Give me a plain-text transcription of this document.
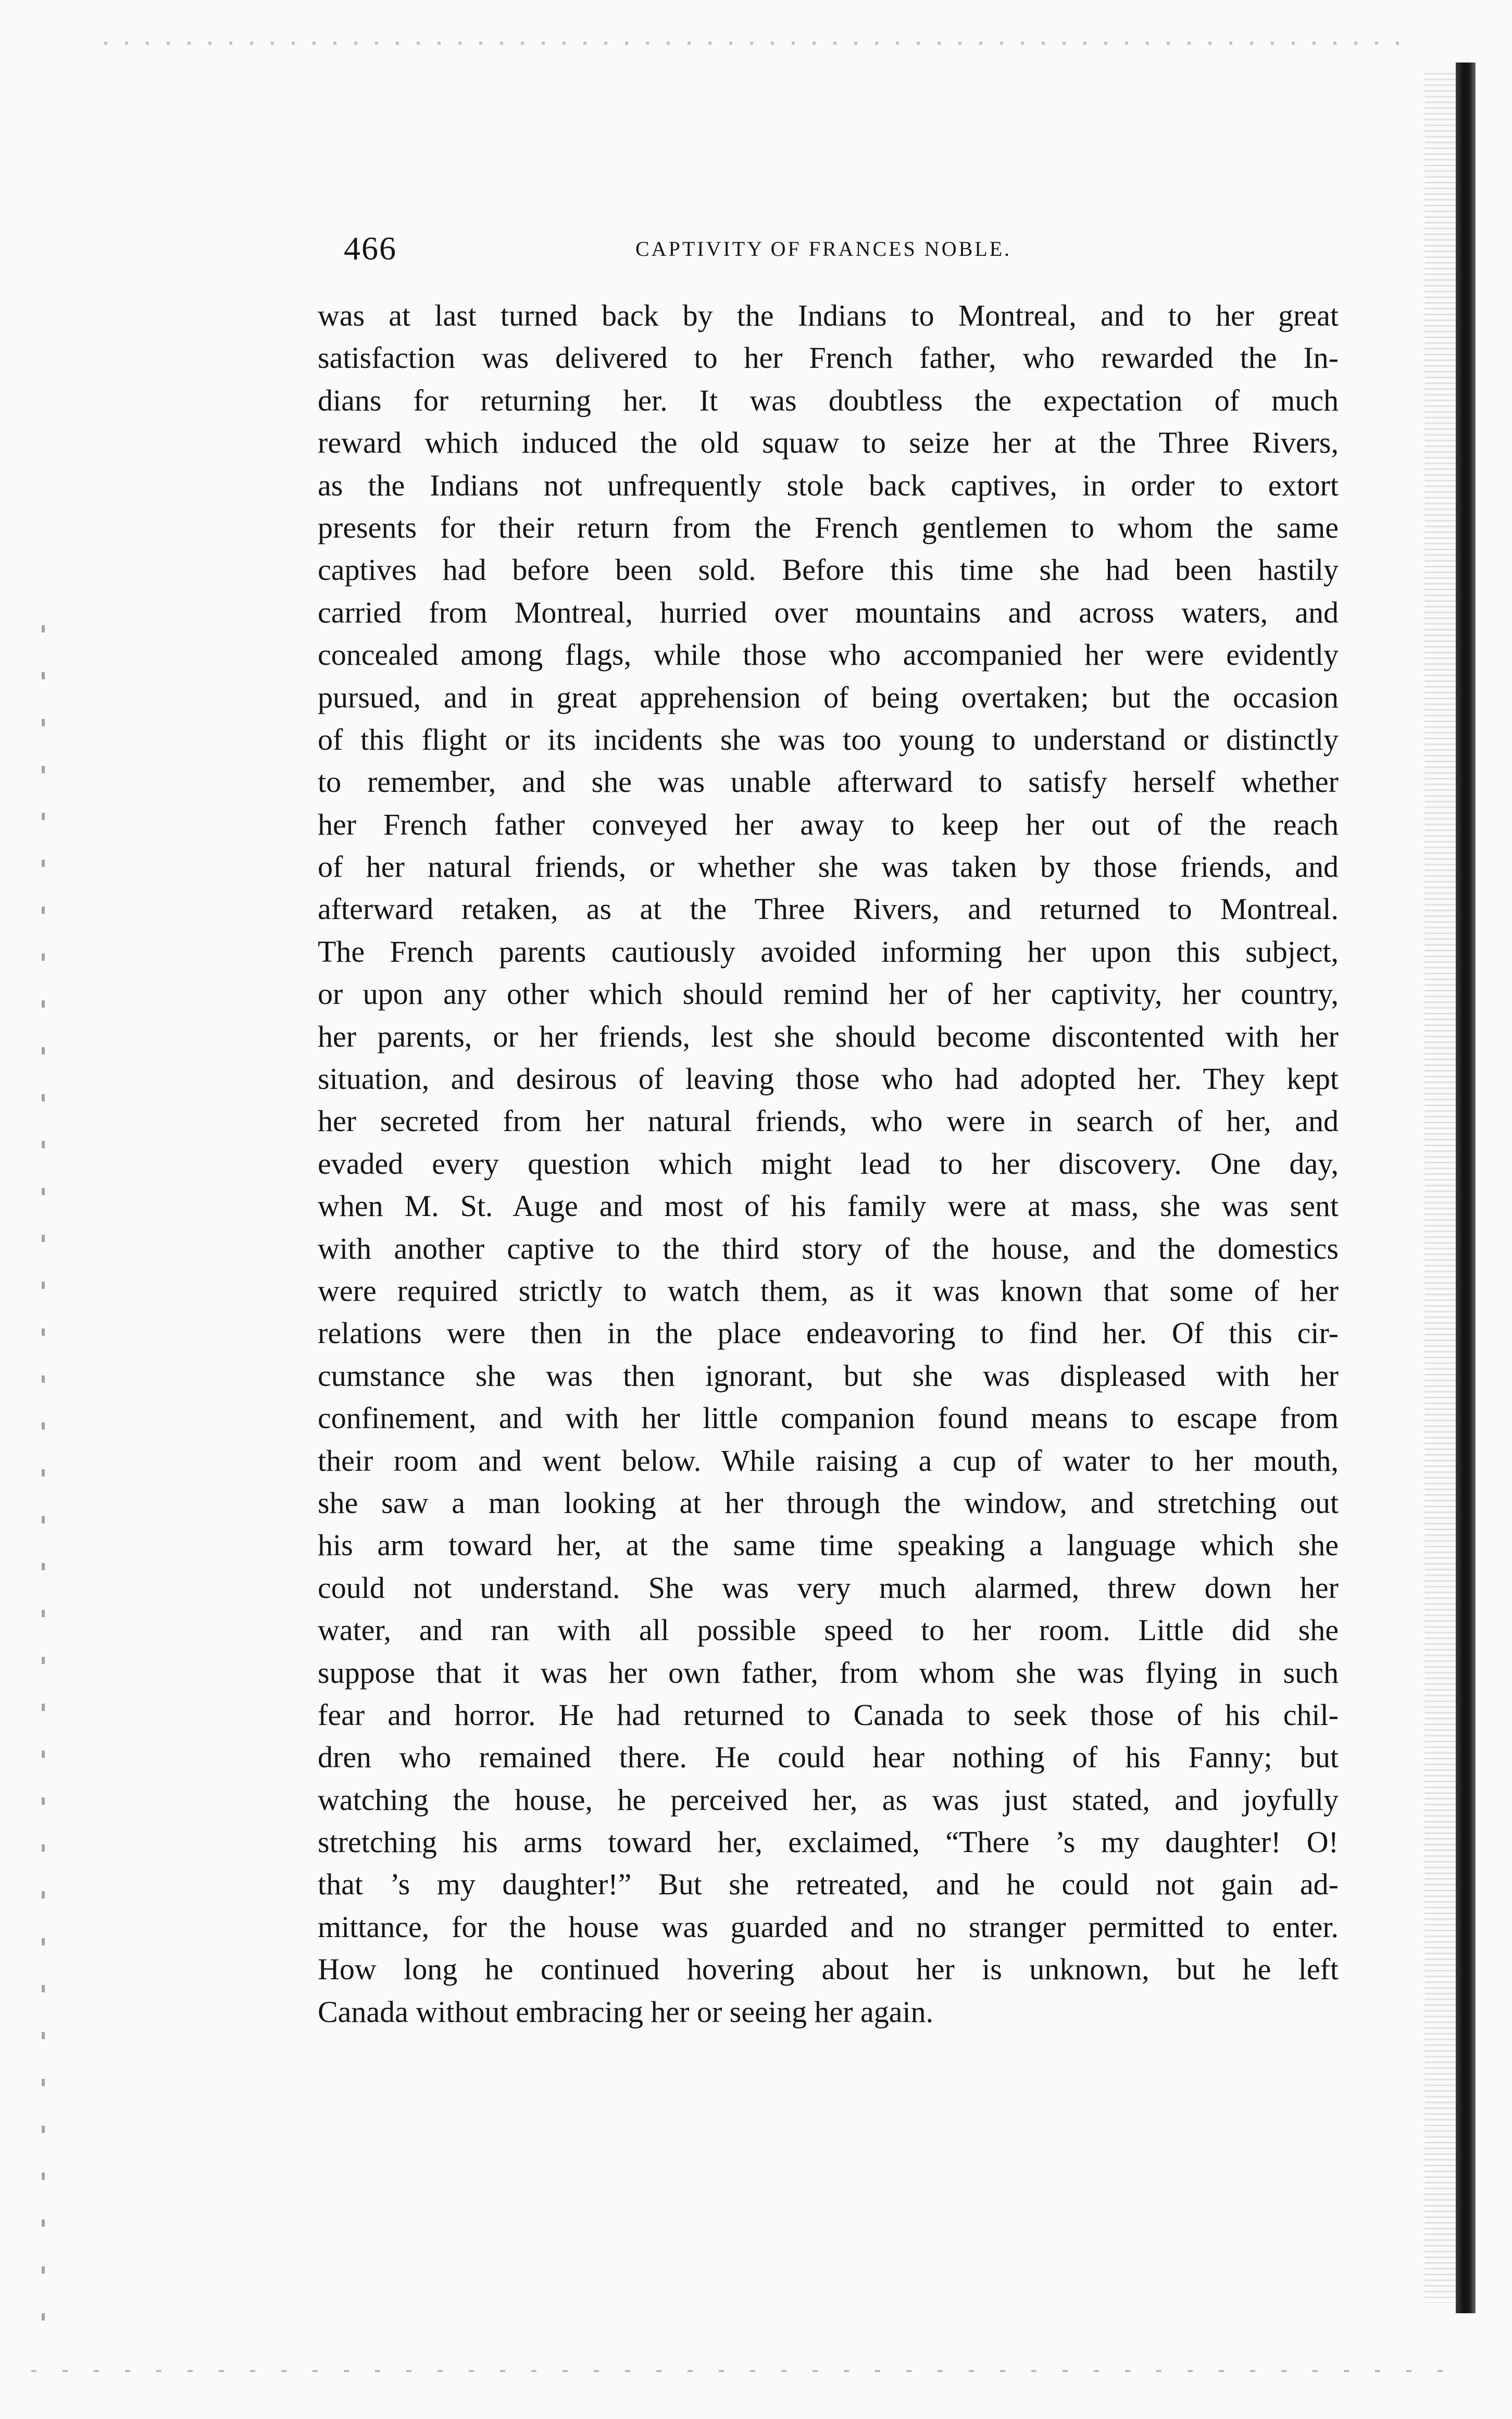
466	CAPTIVITY OF FRANCES NOBLE.
was at last turned back by the Indians to Montreal, and to her great
satisfaction was delivered to her French father, who rewarded the In-
dians for returning her. It was doubtless the expectation of much
reward which induced the old squaw to seize her at the Three Rivers,
as the Indians not unfrequently stole back captives, in order to extort
presents for their return from the French gentlemen to whom the same
captives had before been sold. Before this time she had been hastily
carried from Montreal, hurried over mountains and across waters, and
concealed among flags, while those who accompanied her were evidently
pursued, and in great apprehension of being overtaken; but the occasion
of this flight or its incidents she was too young to understand or distinctly
to remember, and she was unable afterward to satisfy herself whether
her French father conveyed her away to keep her out of the reach
of her natural friends, or whether she was taken by those friends, and
afterward retaken, as at the Three Rivers, and returned to Montreal.
The French parents cautiously avoided informing her upon this subject,
or upon any other which should remind her of her captivity, her country,
her parents, or her friends, lest she should become discontented with her
situation, and desirous of leaving those who had adopted her. They kept
her secreted from her natural friends, who were in search of her, and
evaded every question which might lead to her discovery. One day,
when M. St. Auge and most of his family were at mass, she was sent
with another captive to the third story of the house, and the domestics
were required strictly to watch them, as it was known that some of her
relations were then in the place endeavoring to find her. Of this cir-
cumstance she was then ignorant, but she was displeased with her
confinement, and with her little companion found means to escape from
their room and went below. While raising a cup of water to her mouth,
she saw a man looking at her through the window, and stretching out
his arm toward her, at the same time speaking a language which she
could not understand. She was very much alarmed, threw down her
water, and ran with all possible speed to her room. Little did she
suppose that it was her own father, from whom she was flying in such
fear and horror. He had returned to Canada to seek those of his chil-
dren who remained there. He could hear nothing of his Fanny; but
watching the house, he perceived her, as was just stated, and joyfully
stretching his arms toward her, exclaimed, “There ’s my daughter! O!
that ’s my daughter!” But she retreated, and he could not gain ad-
mittance, for the house was guarded and no stranger permitted to enter.
How long he continued hovering about her is unknown, but he left
Canada without embracing her or seeing her again.
